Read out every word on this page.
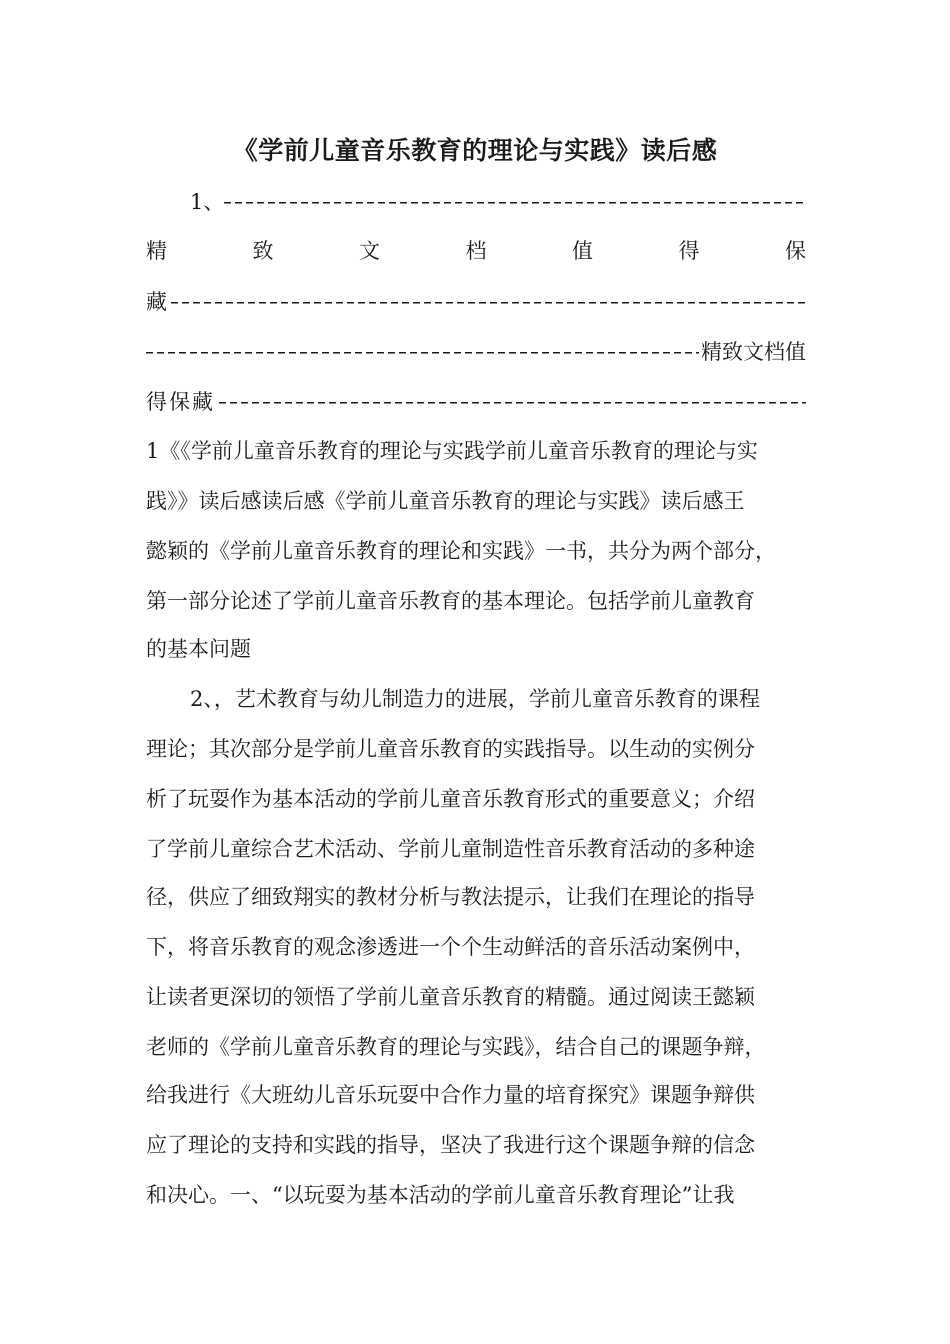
《学前儿童音乐教育的理论与实践》读后感
1、
精	致	文	档	值	得	保
藏
精致文档值
得保藏
1《《学前儿童音乐教育的理论与实践学前儿童音乐教育的理论与实
践》》读后感读后感《学前儿童音乐教育的理论与实践》读后感王
懿颖的《学前儿童音乐教育的理论和实践》一书，共分为两个部分，
第一部分论述了学前儿童音乐教育的基本理论。包括学前儿童教育
的基本问题
2、，艺术教育与幼儿制造力的进展，学前儿童音乐教育的课程
理论；其次部分是学前儿童音乐教育的实践指导。以生动的实例分
析了玩耍作为基本活动的学前儿童音乐教育形式的重要意义；介绍
了学前儿童综合艺术活动、学前儿童制造性音乐教育活动的多种途
径，供应了细致翔实的教材分析与教法提示，让我们在理论的指导
下，将音乐教育的观念渗透进一个个生动鲜活的音乐活动案例中，
让读者更深切的领悟了学前儿童音乐教育的精髓。通过阅读王懿颖
老师的《学前儿童音乐教育的理论与实践》，结合自己的课题争辩，
给我进行《大班幼儿音乐玩耍中合作力量的培育探究》课题争辩供
应了理论的支持和实践的指导，坚决了我进行这个课题争辩的信念
和决心。一、“以玩耍为基本活动的学前儿童音乐教育理论”让我
